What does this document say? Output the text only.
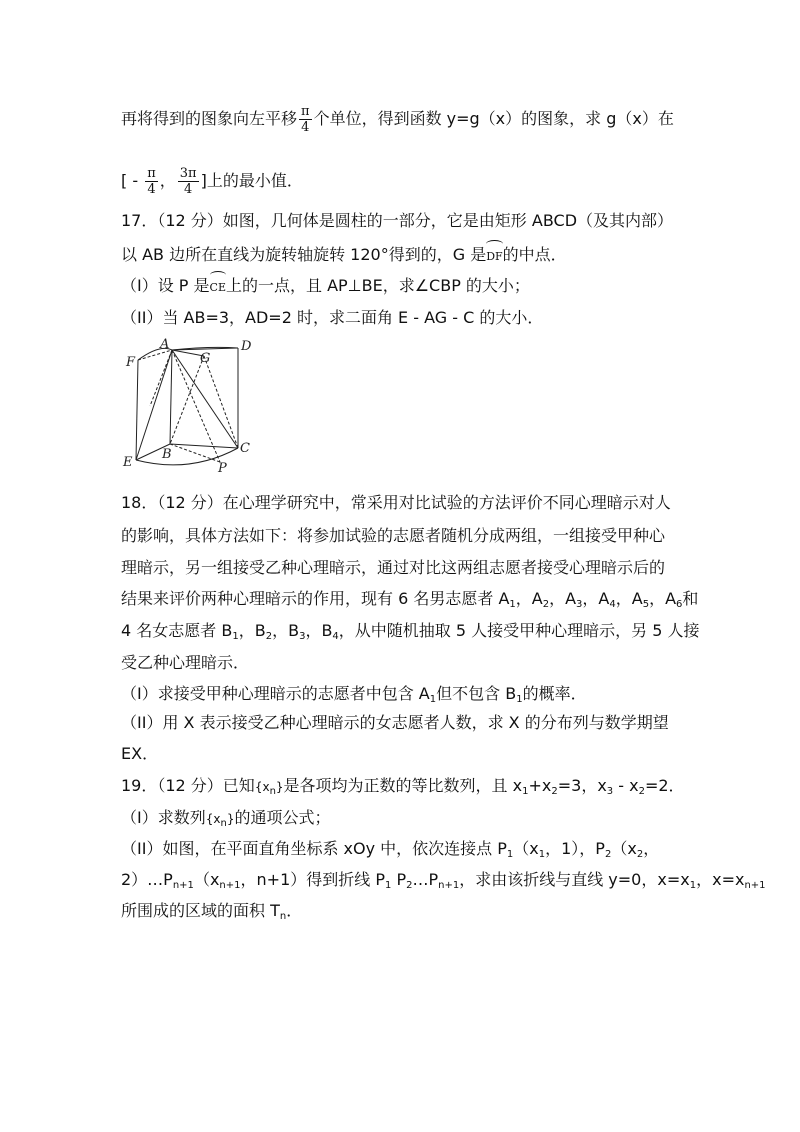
再将得到的图象向左平移 $\frac{\pi}{4}$ 个单位，得到函数 y=g（x）的图象，求 g（x）在
[ - $\frac{\pi}{4}$ ， $\frac{3\pi}{4}$ ]上的最小值．
17．（12 分）如图，几何体是圆柱的一部分，它是由矩形 ABCD（及其内部）
以 AB 边所在直线为旋转轴旋转 120°得到的，G 是DF的中点．
（I）设 P 是CE上的一点，且 AP⊥BE，求∠CBP 的大小；
（II）当 AB=3，AD=2 时，求二面角 E - AG - C 的大小．
A
G
D
F
B	C
E	P
18．（12 分）在心理学研究中，常采用对比试验的方法评价不同心理暗示对人
的影响，具体方法如下：将参加试验的志愿者随机分成两组，一组接受甲种心
理暗示，另一组接受乙种心理暗示，通过对比这两组志愿者接受心理暗示后的
结果来评价两种心理暗示的作用，现有 6 名男志愿者 $A_1$，$A_2$，$A_3$，$A_4$，$A_5$，$A_6$和
4 名女志愿者 $B_1$，$B_2$，$B_3$，$B_4$，从中随机抽取 5 人接受甲种心理暗示，另 5 人接
受乙种心理暗示．
（I）求接受甲种心理暗示的志愿者中包含 $A_1$但不包含 $B_1$的概率．
（II）用 X 表示接受乙种心理暗示的女志愿者人数，求 X 的分布列与数学期望
EX．
19．（12 分）已知$\{x_n\}$是各项均为正数的等比数列，且 $x_1+x_2=3$，$x_3 - x_2=2$．
（I）求数列$\{x_n\}$的通项公式；
（II）如图，在平面直角坐标系 xOy 中，依次连接点 $P_1(x_1$，1），$P_2(x_2$，
$2)\dots P_{n+1}(x_{n+1}$，n+1）得到折线 $P_1$ $P_2\dots P_{n+1}$，求由该折线与直线 y=0，$x=x_1$，$x=x_{n+1}$
所围成的区域的面积 $T_n$．
